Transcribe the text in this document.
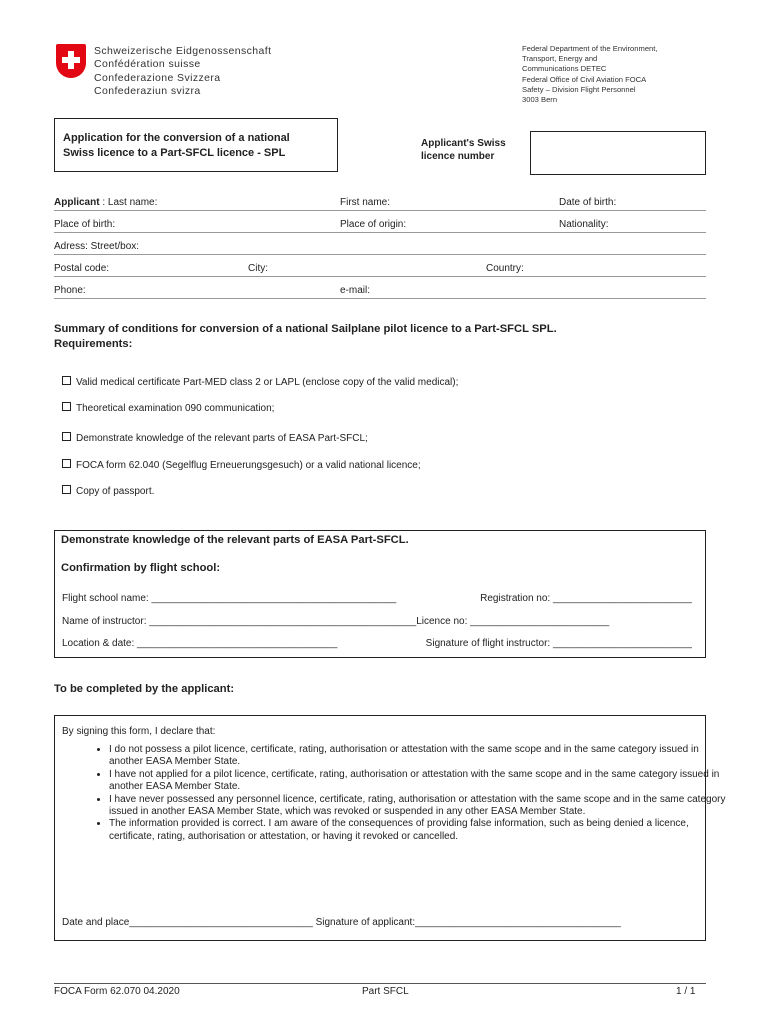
Schweizerische Eidgenossenschaft
Confédération suisse
Confederazione Svizzera
Confederaziun svizra
Federal Department of the Environment,
Transport, Energy and
Communications DETEC
Federal Office of Civil Aviation FOCA
Safety – Division Flight Personnel
3003 Bern
Application for the conversion of a national
Swiss licence to a Part-SFCL licence - SPL
Applicant's Swiss
licence number
Applicant : Last name:	First name:	Date of birth:
Place of birth:	Place of origin:	Nationality:
Adress: Street/box:
Postal code:	City:	Country:
Phone:	e-mail:
Summary of conditions for conversion of a national Sailplane pilot licence to a Part-SFCL SPL.
Requirements:
Valid medical certificate Part-MED class 2 or LAPL (enclose copy of the valid medical);
Theoretical examination 090 communication;
Demonstrate knowledge of the relevant parts of EASA Part-SFCL;
FOCA form 62.040 (Segelflug Erneuerungsgesuch) or a valid national licence;
Copy of passport.
Demonstrate knowledge of the relevant parts of EASA Part-SFCL.
Confirmation by flight school:
Flight school name: ____________________________________________	Registration no: _________________________
Name of instructor: ________________________________________________Licence no: _________________________
Location & date: ____________________________________	Signature of flight instructor: _________________________
To be completed by the applicant:
By signing this form, I declare that:
• I do not possess a pilot licence, certificate, rating, authorisation or attestation with the same scope and in the same category issued in another EASA Member State.
• I have not applied for a pilot licence, certificate, rating, authorisation or attestation with the same scope and in the same category issued in another EASA Member State.
• I have never possessed any personnel licence, certificate, rating, authorisation or attestation with the same scope and in the same category issued in another EASA Member State, which was revoked or suspended in any other EASA Member State.
• The information provided is correct. I am aware of the consequences of providing false information, such as being denied a licence, certificate, rating, authorisation or attestation, or having it revoked or cancelled.
Date and place_________________________________ Signature of applicant:_____________________________________
FOCA Form 62.070 04.2020	Part SFCL	1 / 1
